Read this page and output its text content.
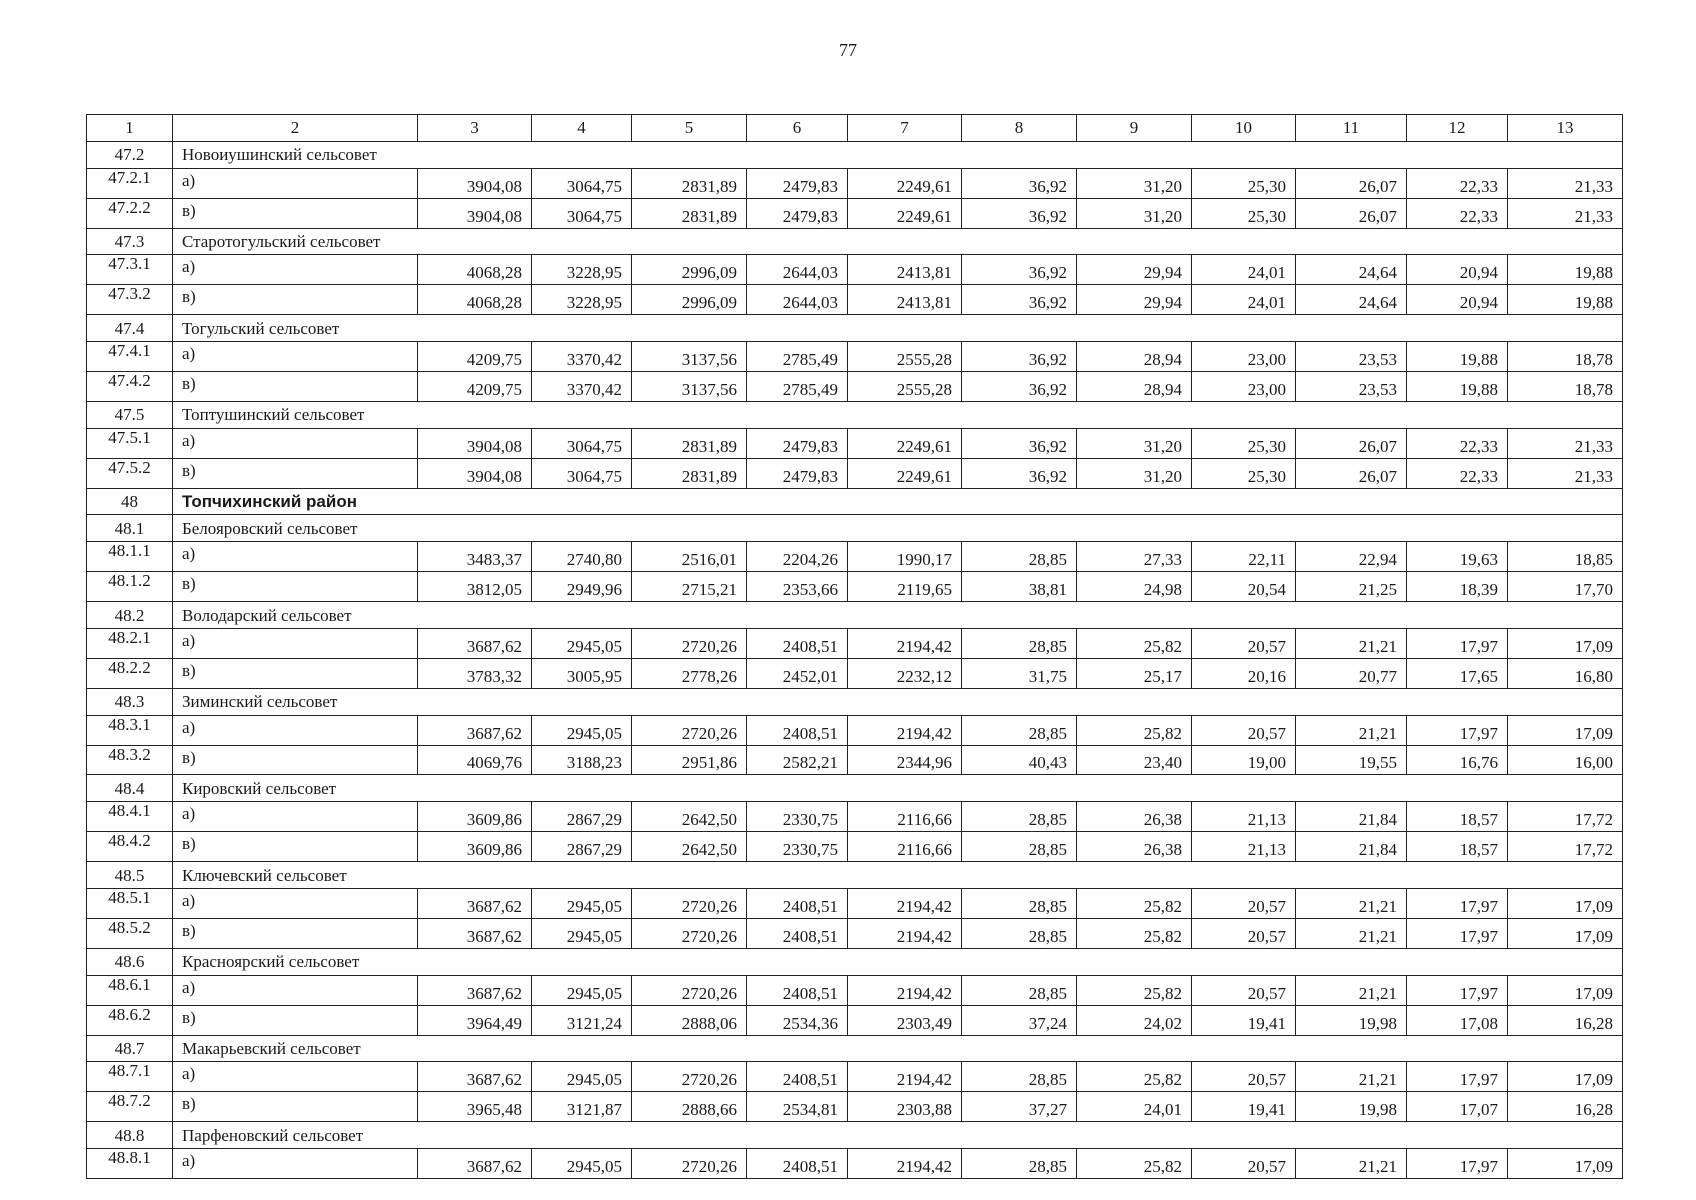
77
1	2	3	4	5	6	7	8	9	10	11	12	13
47.2	Новоиушинский сельсовет											
47.2.1	а)	3904,08	3064,75	2831,89	2479,83	2249,61	36,92	31,20	25,30	26,07	22,33	21,33
47.2.2	в)	3904,08	3064,75	2831,89	2479,83	2249,61	36,92	31,20	25,30	26,07	22,33	21,33
47.3	Старотогульский сельсовет											
47.3.1	а)	4068,28	3228,95	2996,09	2644,03	2413,81	36,92	29,94	24,01	24,64	20,94	19,88
47.3.2	в)	4068,28	3228,95	2996,09	2644,03	2413,81	36,92	29,94	24,01	24,64	20,94	19,88
47.4	Тогульский сельсовет											
47.4.1	а)	4209,75	3370,42	3137,56	2785,49	2555,28	36,92	28,94	23,00	23,53	19,88	18,78
47.4.2	в)	4209,75	3370,42	3137,56	2785,49	2555,28	36,92	28,94	23,00	23,53	19,88	18,78
47.5	Топтушинский сельсовет											
47.5.1	а)	3904,08	3064,75	2831,89	2479,83	2249,61	36,92	31,20	25,30	26,07	22,33	21,33
47.5.2	в)	3904,08	3064,75	2831,89	2479,83	2249,61	36,92	31,20	25,30	26,07	22,33	21,33
48	Топчихинский район											
48.1	Белояровский сельсовет											
48.1.1	а)	3483,37	2740,80	2516,01	2204,26	1990,17	28,85	27,33	22,11	22,94	19,63	18,85
48.1.2	в)	3812,05	2949,96	2715,21	2353,66	2119,65	38,81	24,98	20,54	21,25	18,39	17,70
48.2	Володарский сельсовет											
48.2.1	а)	3687,62	2945,05	2720,26	2408,51	2194,42	28,85	25,82	20,57	21,21	17,97	17,09
48.2.2	в)	3783,32	3005,95	2778,26	2452,01	2232,12	31,75	25,17	20,16	20,77	17,65	16,80
48.3	Зиминский сельсовет											
48.3.1	а)	3687,62	2945,05	2720,26	2408,51	2194,42	28,85	25,82	20,57	21,21	17,97	17,09
48.3.2	в)	4069,76	3188,23	2951,86	2582,21	2344,96	40,43	23,40	19,00	19,55	16,76	16,00
48.4	Кировский сельсовет											
48.4.1	а)	3609,86	2867,29	2642,50	2330,75	2116,66	28,85	26,38	21,13	21,84	18,57	17,72
48.4.2	в)	3609,86	2867,29	2642,50	2330,75	2116,66	28,85	26,38	21,13	21,84	18,57	17,72
48.5	Ключевский сельсовет											
48.5.1	а)	3687,62	2945,05	2720,26	2408,51	2194,42	28,85	25,82	20,57	21,21	17,97	17,09
48.5.2	в)	3687,62	2945,05	2720,26	2408,51	2194,42	28,85	25,82	20,57	21,21	17,97	17,09
48.6	Красноярский сельсовет											
48.6.1	а)	3687,62	2945,05	2720,26	2408,51	2194,42	28,85	25,82	20,57	21,21	17,97	17,09
48.6.2	в)	3964,49	3121,24	2888,06	2534,36	2303,49	37,24	24,02	19,41	19,98	17,08	16,28
48.7	Макарьевский сельсовет											
48.7.1	а)	3687,62	2945,05	2720,26	2408,51	2194,42	28,85	25,82	20,57	21,21	17,97	17,09
48.7.2	в)	3965,48	3121,87	2888,66	2534,81	2303,88	37,27	24,01	19,41	19,98	17,07	16,28
48.8	Парфеновский сельсовет											
48.8.1	а)	3687,62	2945,05	2720,26	2408,51	2194,42	28,85	25,82	20,57	21,21	17,97	17,09
